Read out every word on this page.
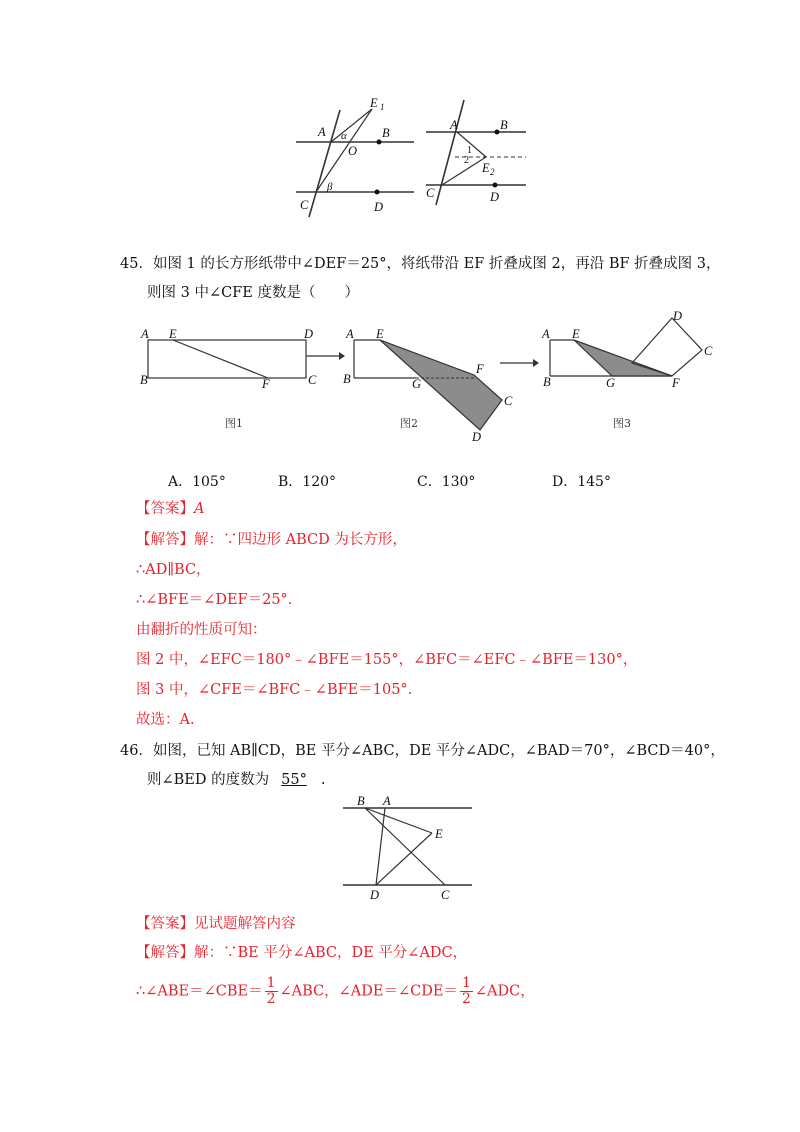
A	B
C	D
E 1
O
α
β
A	B
C	D
E 2
1
2
45．如图 1 的长方形纸带中∠DEF＝25°，将纸带沿 EF 折叠成图 2，再沿 BF 折叠成图 3，
则图 3 中∠CFE 度数是（　　）
A E	D
B	F	C
A E
B	G
F
C
D
A E
B	G	F
D
C
图1	图2	图3
A．105°	B．120°	C．130°	D．145°
【答案】A
【解答】解：∵四边形 ABCD 为长方形，
∴AD∥BC，
∴∠BFE＝∠DEF＝25°.
由翻折的性质可知：
图 2 中，∠EFC＝180°﹣∠BFE＝155°，∠BFC＝∠EFC﹣∠BFE＝130°，
图 3 中，∠CFE＝∠BFC﹣∠BFE＝105°.
故选：A.
46．如图，已知 AB∥CD，BE 平分∠ABC，DE 平分∠ADC，∠BAD＝70°，∠BCD＝40°，
则∠BED 的度数为 55° .
B A
E
D	C
【答案】见试题解答内容
【解答】解：∵BE 平分∠ABC，DE 平分∠ADC，
∴∠ABE＝∠CBE＝ $\frac{1}{2}$ ∠ABC，∠ADE＝∠CDE＝ $\frac{1}{2}$ ∠ADC，
